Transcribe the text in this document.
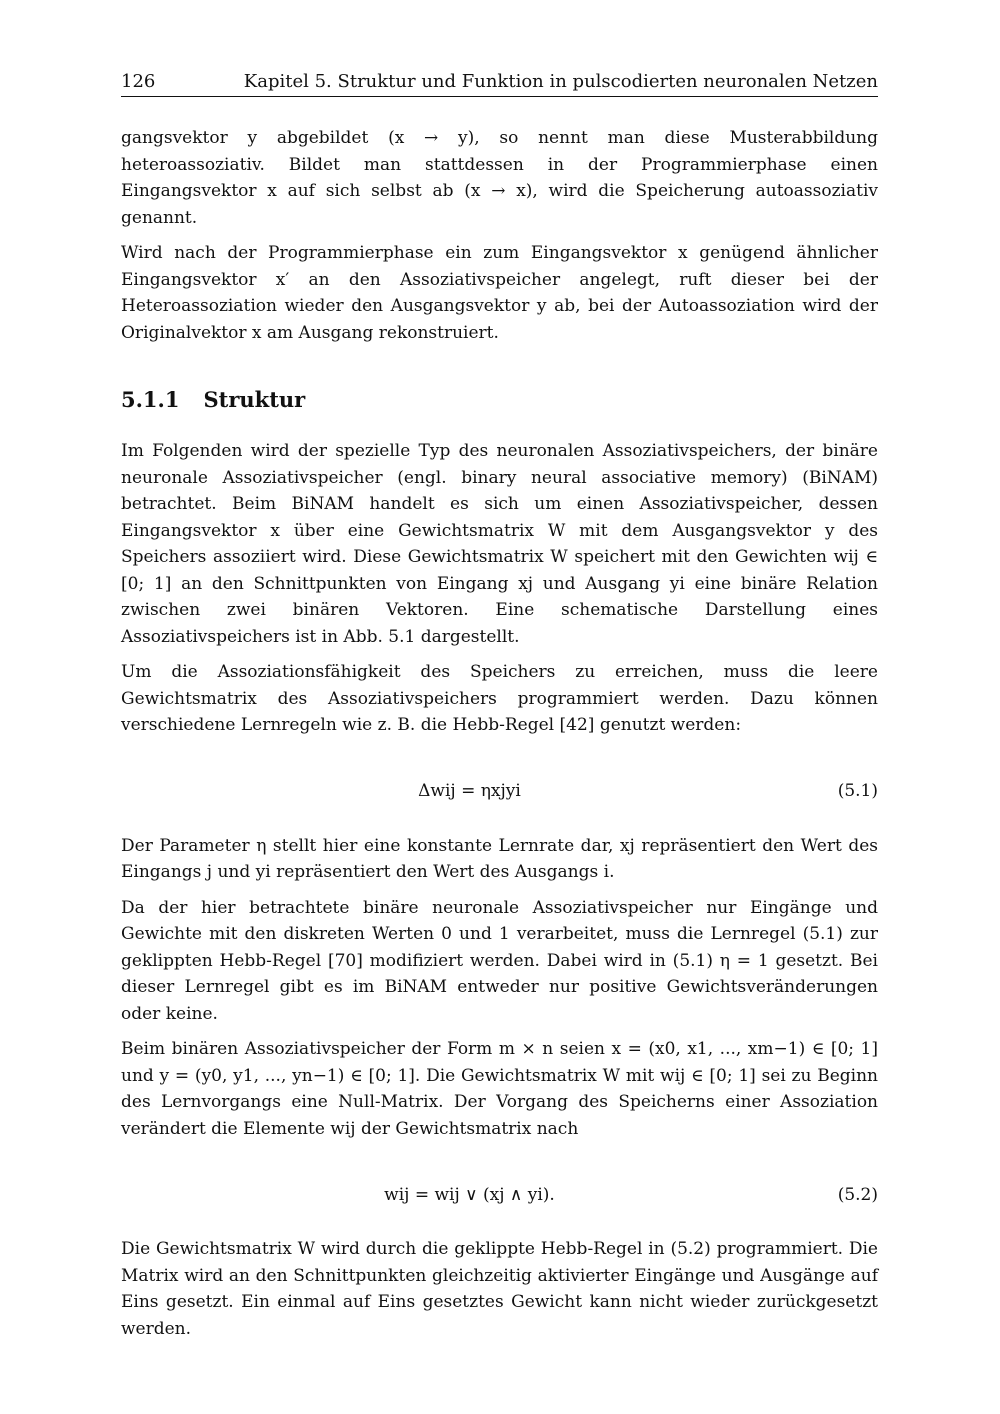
126	Kapitel 5. Struktur und Funktion in pulscodierten neuronalen Netzen

gangsvektor y abgebildet (x → y), so nennt man diese Musterabbildung heteroassoziativ. Bildet man stattdessen in der Programmierphase einen Eingangsvektor x auf sich selbst ab (x → x), wird die Speicherung autoassoziativ genannt.

Wird nach der Programmierphase ein zum Eingangsvektor x genügend ähnlicher Eingangsvektor x′ an den Assoziativspeicher angelegt, ruft dieser bei der Heteroassoziation wieder den Ausgangsvektor y ab, bei der Autoassoziation wird der Originalvektor x am Ausgang rekonstruiert.

5.1.1 Struktur

Im Folgenden wird der spezielle Typ des neuronalen Assoziativspeichers, der binäre neuronale Assoziativspeicher (engl. binary neural associative memory) (BiNAM) betrachtet. Beim BiNAM handelt es sich um einen Assoziativspeicher, dessen Eingangsvektor x über eine Gewichtsmatrix W mit dem Ausgangsvektor y des Speichers assoziiert wird. Diese Gewichtsmatrix W speichert mit den Gewichten wij ∈ [0; 1] an den Schnittpunkten von Eingang xj und Ausgang yi eine binäre Relation zwischen zwei binären Vektoren. Eine schematische Darstellung eines Assoziativspeichers ist in Abb. 5.1 dargestellt.

Um die Assoziationsfähigkeit des Speichers zu erreichen, muss die leere Gewichtsmatrix des Assoziativspeichers programmiert werden. Dazu können verschiedene Lernregeln wie z. B. die Hebb-Regel [42] genutzt werden:

Δwij = ηxjyi	(5.1)

Der Parameter η stellt hier eine konstante Lernrate dar, xj repräsentiert den Wert des Eingangs j und yi repräsentiert den Wert des Ausgangs i.

Da der hier betrachtete binäre neuronale Assoziativspeicher nur Eingänge und Gewichte mit den diskreten Werten 0 und 1 verarbeitet, muss die Lernregel (5.1) zur geklippten Hebb-Regel [70] modifiziert werden. Dabei wird in (5.1) η = 1 gesetzt. Bei dieser Lernregel gibt es im BiNAM entweder nur positive Gewichtsveränderungen oder keine.

Beim binären Assoziativspeicher der Form m × n seien x = (x0, x1, ..., xm−1) ∈ [0; 1] und y = (y0, y1, ..., yn−1) ∈ [0; 1]. Die Gewichtsmatrix W mit wij ∈ [0; 1] sei zu Beginn des Lernvorgangs eine Null-Matrix. Der Vorgang des Speicherns einer Assoziation verändert die Elemente wij der Gewichtsmatrix nach

wij = wij ∨ (xj ∧ yi).	(5.2)

Die Gewichtsmatrix W wird durch die geklippte Hebb-Regel in (5.2) programmiert. Die Matrix wird an den Schnittpunkten gleichzeitig aktivierter Eingänge und Ausgänge auf Eins gesetzt. Ein einmal auf Eins gesetztes Gewicht kann nicht wieder zurückgesetzt werden.
